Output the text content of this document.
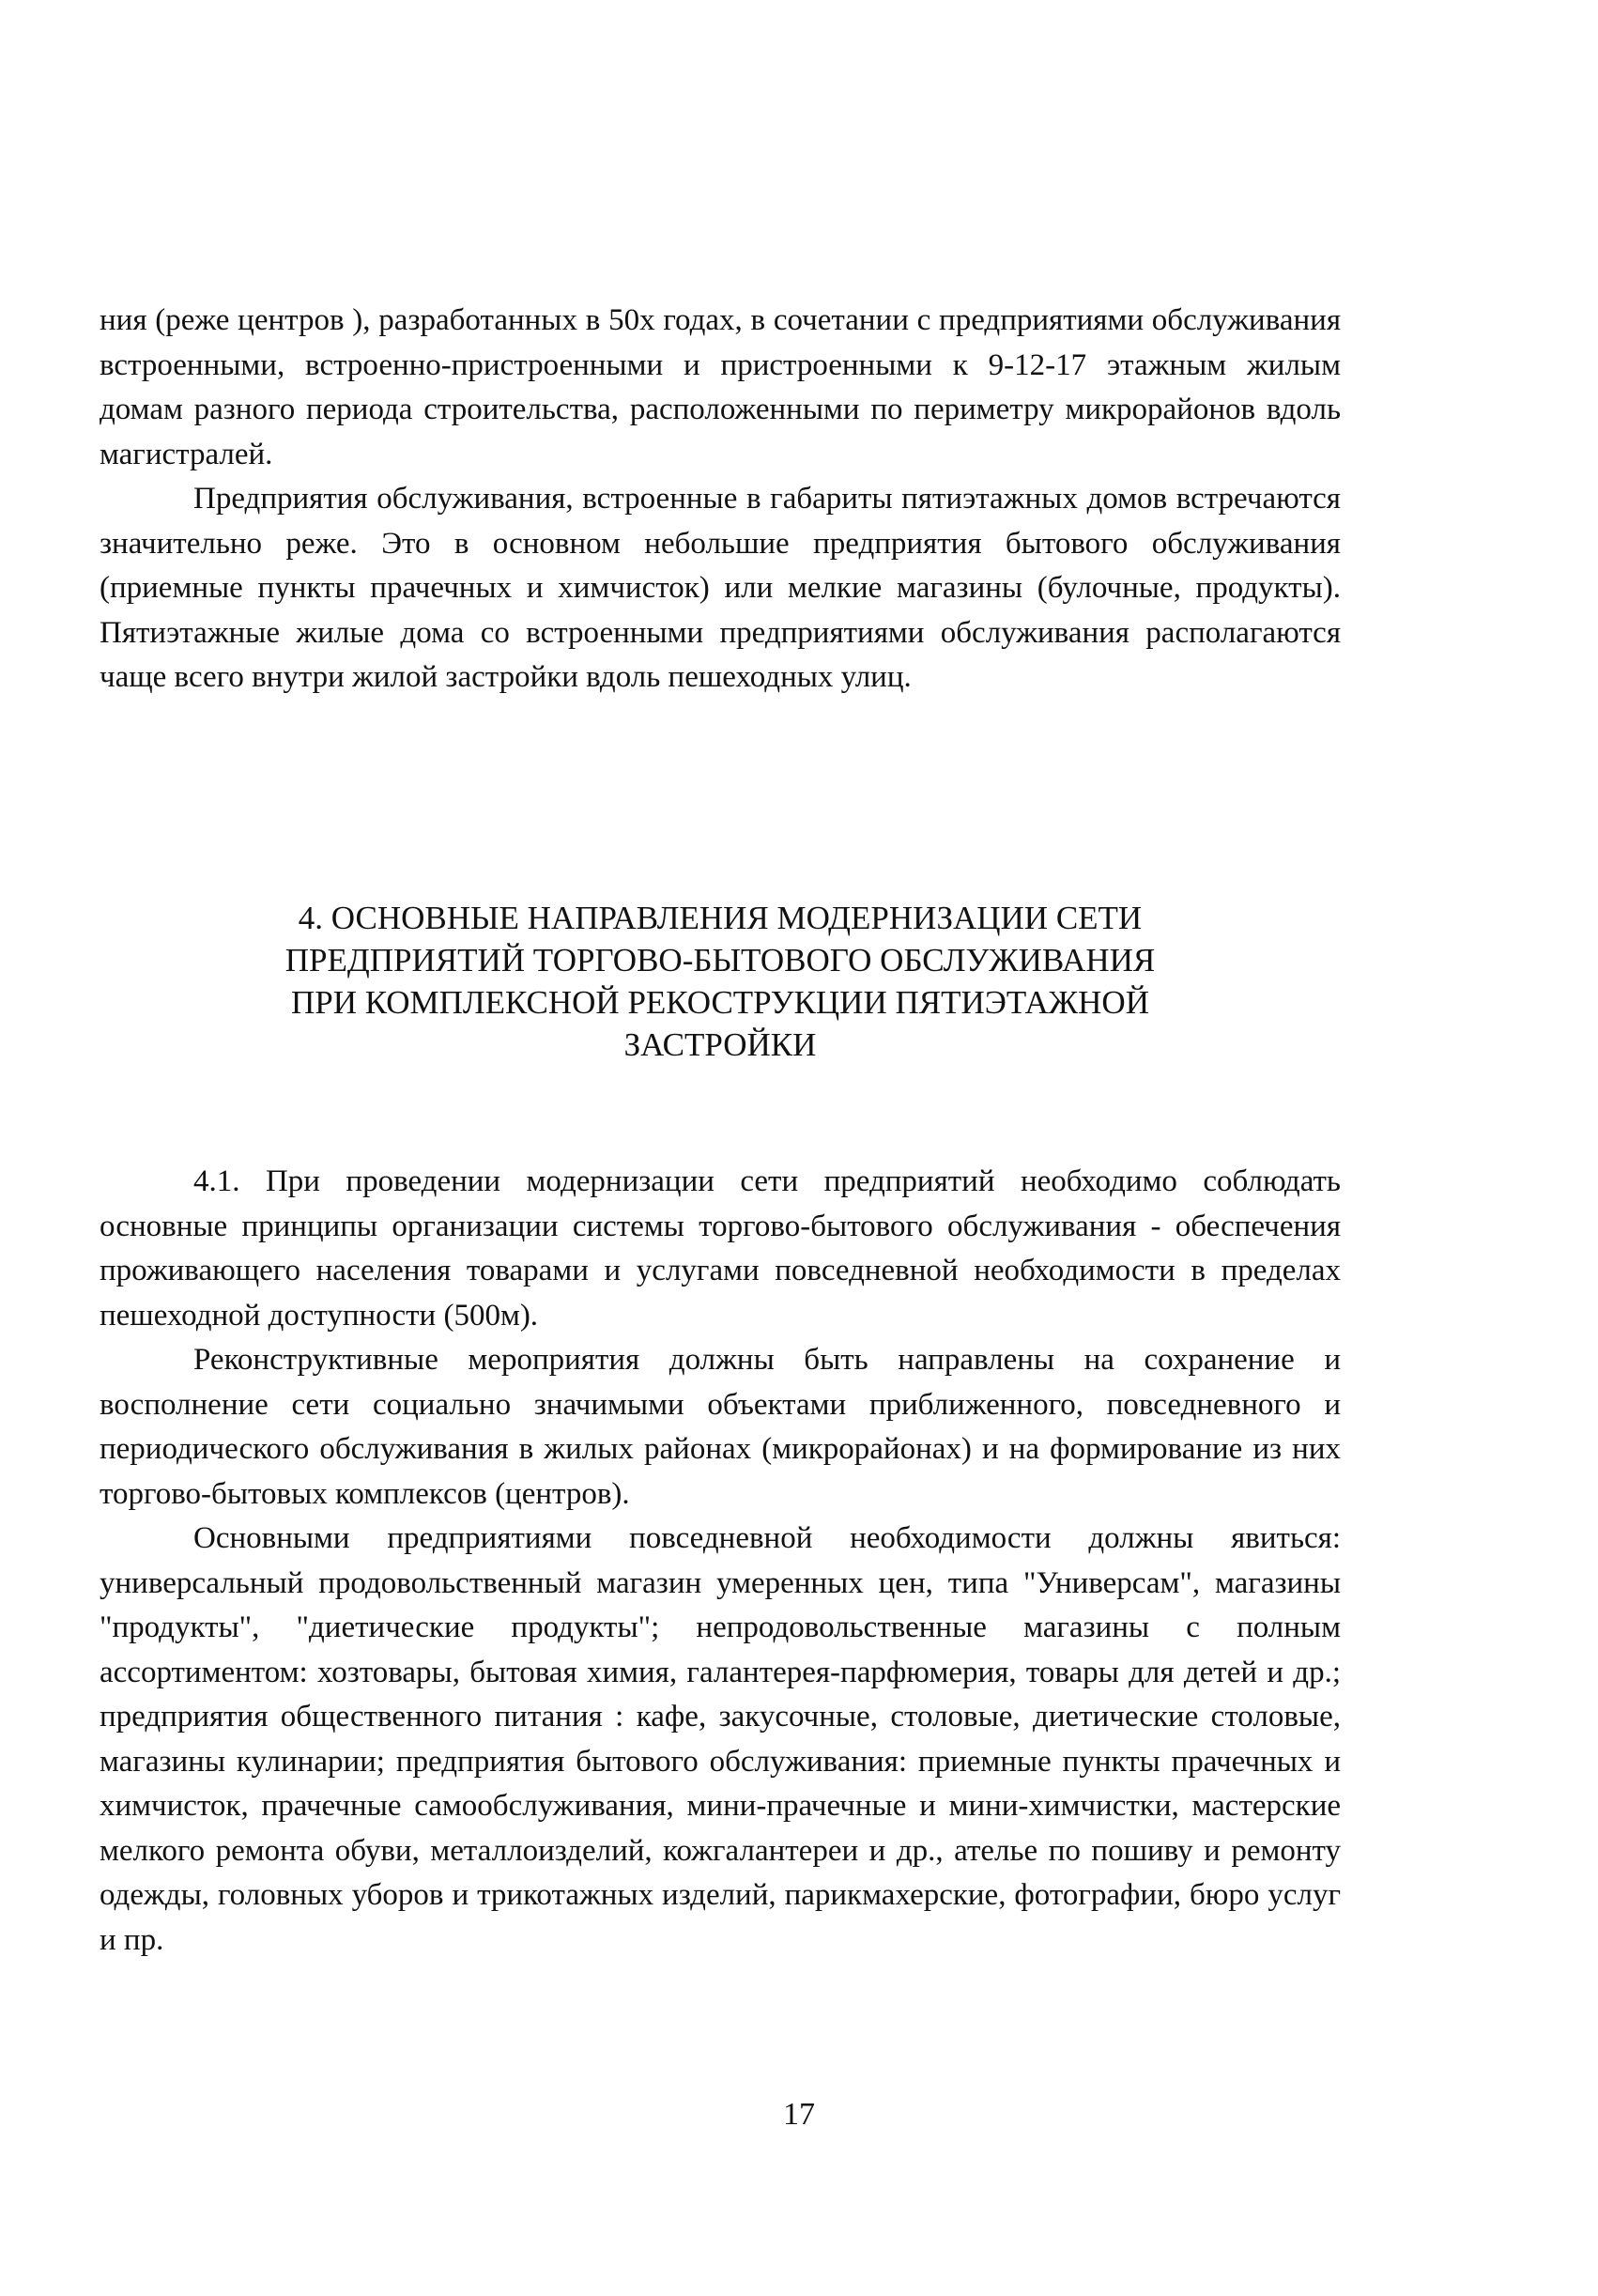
ния (реже центров ), разработанных в 50х годах, в сочетании с предприятиями обслуживания встроенными, встроенно-пристроенными и пристроенными к 9-12-17 этажным жилым домам разного периода строительства, расположенными по периметру микрорайонов вдоль магистралей.

Предприятия обслуживания, встроенные в габариты пятиэтажных домов встречаются значительно реже. Это в основном небольшие предприятия бытового обслуживания (приемные пункты прачечных и химчисток) или мелкие магазины (булочные, продукты). Пятиэтажные жилые дома со встроенными предприятиями обслуживания располагаются чаще всего внутри жилой застройки вдоль пешеходных улиц.

4. ОСНОВНЫЕ НАПРАВЛЕНИЯ МОДЕРНИЗАЦИИ СЕТИ
ПРЕДПРИЯТИЙ ТОРГОВО-БЫТОВОГО ОБСЛУЖИВАНИЯ
ПРИ КОМПЛЕКСНОЙ РЕКОСТРУКЦИИ ПЯТИЭТАЖНОЙ
ЗАСТРОЙКИ

4.1. При проведении модернизации сети предприятий необходимо соблюдать основные принципы организации системы торгово-бытового обслуживания - обеспечения проживающего населения товарами и услугами повседневной необходимости в пределах пешеходной доступности (500м).

Реконструктивные мероприятия должны быть направлены на сохранение и восполнение сети социально значимыми объектами приближенного, повседневного и периодического обслуживания в жилых районах (микрорайонах) и на формирование из них торгово-бытовых комплексов (центров).

Основными предприятиями повседневной необходимости должны явиться: универсальный продовольственный магазин умеренных цен, типа "Универсам", магазины "продукты", "диетические продукты"; непродовольственные магазины с полным ассортиментом: хозтовары, бытовая химия, галантерея-парфюмерия, товары для детей и др.; предприятия общественного питания : кафе, закусочные, столовые, диетические столовые, магазины кулинарии; предприятия бытового обслуживания: приемные пункты прачечных и химчисток, прачечные самообслуживания, мини-прачечные и мини-химчистки, мастерские мелкого ремонта обуви, металлоизделий, кожгалантереи и др., ателье по пошиву и ремонту одежды, головных уборов и трикотажных изделий, парикмахерские, фотографии, бюро услуг и пр.

17
